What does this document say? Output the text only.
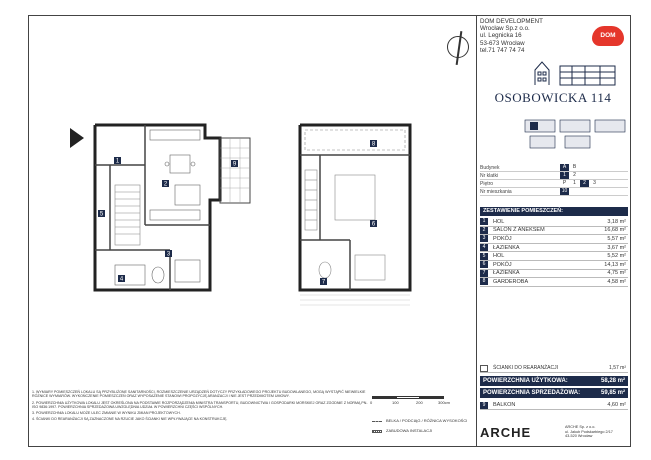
1
2
3
4
5
9
6
7
8
DOM DEVELOPMENT
Wrocław Sp.z o.o.
ul. Legnicka 16
53-673 Wrocław
tel.71 747 74 74
DOM
OSOBOWICKA 114
Budynek	A	B
Nr klatki	1	2
Piętro	P	1	2	3
Nr mieszkania	10
ZESTAWIENIE POMIESZCZEŃ:
1	HOL	3,18 m²
2	SALON Z ANEKSEM	16,68 m²
3	POKÓJ	5,57 m²
4	ŁAZIENKA	3,67 m²
5	HOL	5,52 m²
6	POKÓJ	14,13 m²
7	ŁAZIENKA	4,75 m²
8	GARDEROBA	4,58 m²
ŚCIANKI DO REARANŻACJI	1,57 m²
POWIERZCHNIA UŻYTKOWA:	58,28 m²
POWIERZCHNIA SPRZEDAŻOWA:	59,85 m²
9	BALKON	4,60 m²
ARCHE	ARCHE Sp. z o.o.
ul. Jakub Podskarbiego 2/17
43-520 Wrocław
0	100	200	300cm
BELKA / PODCIĄG / RÓŻNICA WYSOKOŚCI
ZABUDOWA INSTALACJI

1. WYMIARY POMIESZCZEŃ LOKALU SĄ PRZYBLIŻONE SANITARNOŚCI, ROZMIESZCZENIE URZĄDZEŃ DOTYCZY PRZYKŁADOWEGO PROJEKTU BUDOWLANEGO, MOGĄ WYSTĄPIĆ NIEWIELKIE RÓŻNICE WYMIARÓW. WYKOŃCZENIE POMIESZCZEŃ ORAZ WYPOSAŻENIE STANOWI PROPOZYCJĘ ARANŻACJI I NIE JEST PRZEDMIOTEM UMOWY.

2. POWIERZCHNIA UŻYTKOWA LOKALU JEST OKREŚLONA NA PODSTAWIE ROZPORZĄDZENIA MINISTRA TRANSPORTU, BUDOWNICTWA I GOSPODARKI MORSKIEJ ORAZ ZGODNIE Z NORMĄ PN-ISO 9836:1997. POWIERZCHNIA SPRZEDAŻOWA UWZGLĘDNIA UDZIAŁ W POWIERZCHNI CZĘŚCI WSPÓLNYCH.

3. POWIERZCHNIA LOKALU MOŻE ULEC ZMIANIE W WYNIKU ZMIAN PROJEKTOWYCH.

4. ŚCIANKI DO REARANŻACJI SĄ ZAZNACZONE NA RZUCIE JAKO ŚCIANKI NIE WPŁYWAJĄCE NA KONSTRUKCJĘ.
